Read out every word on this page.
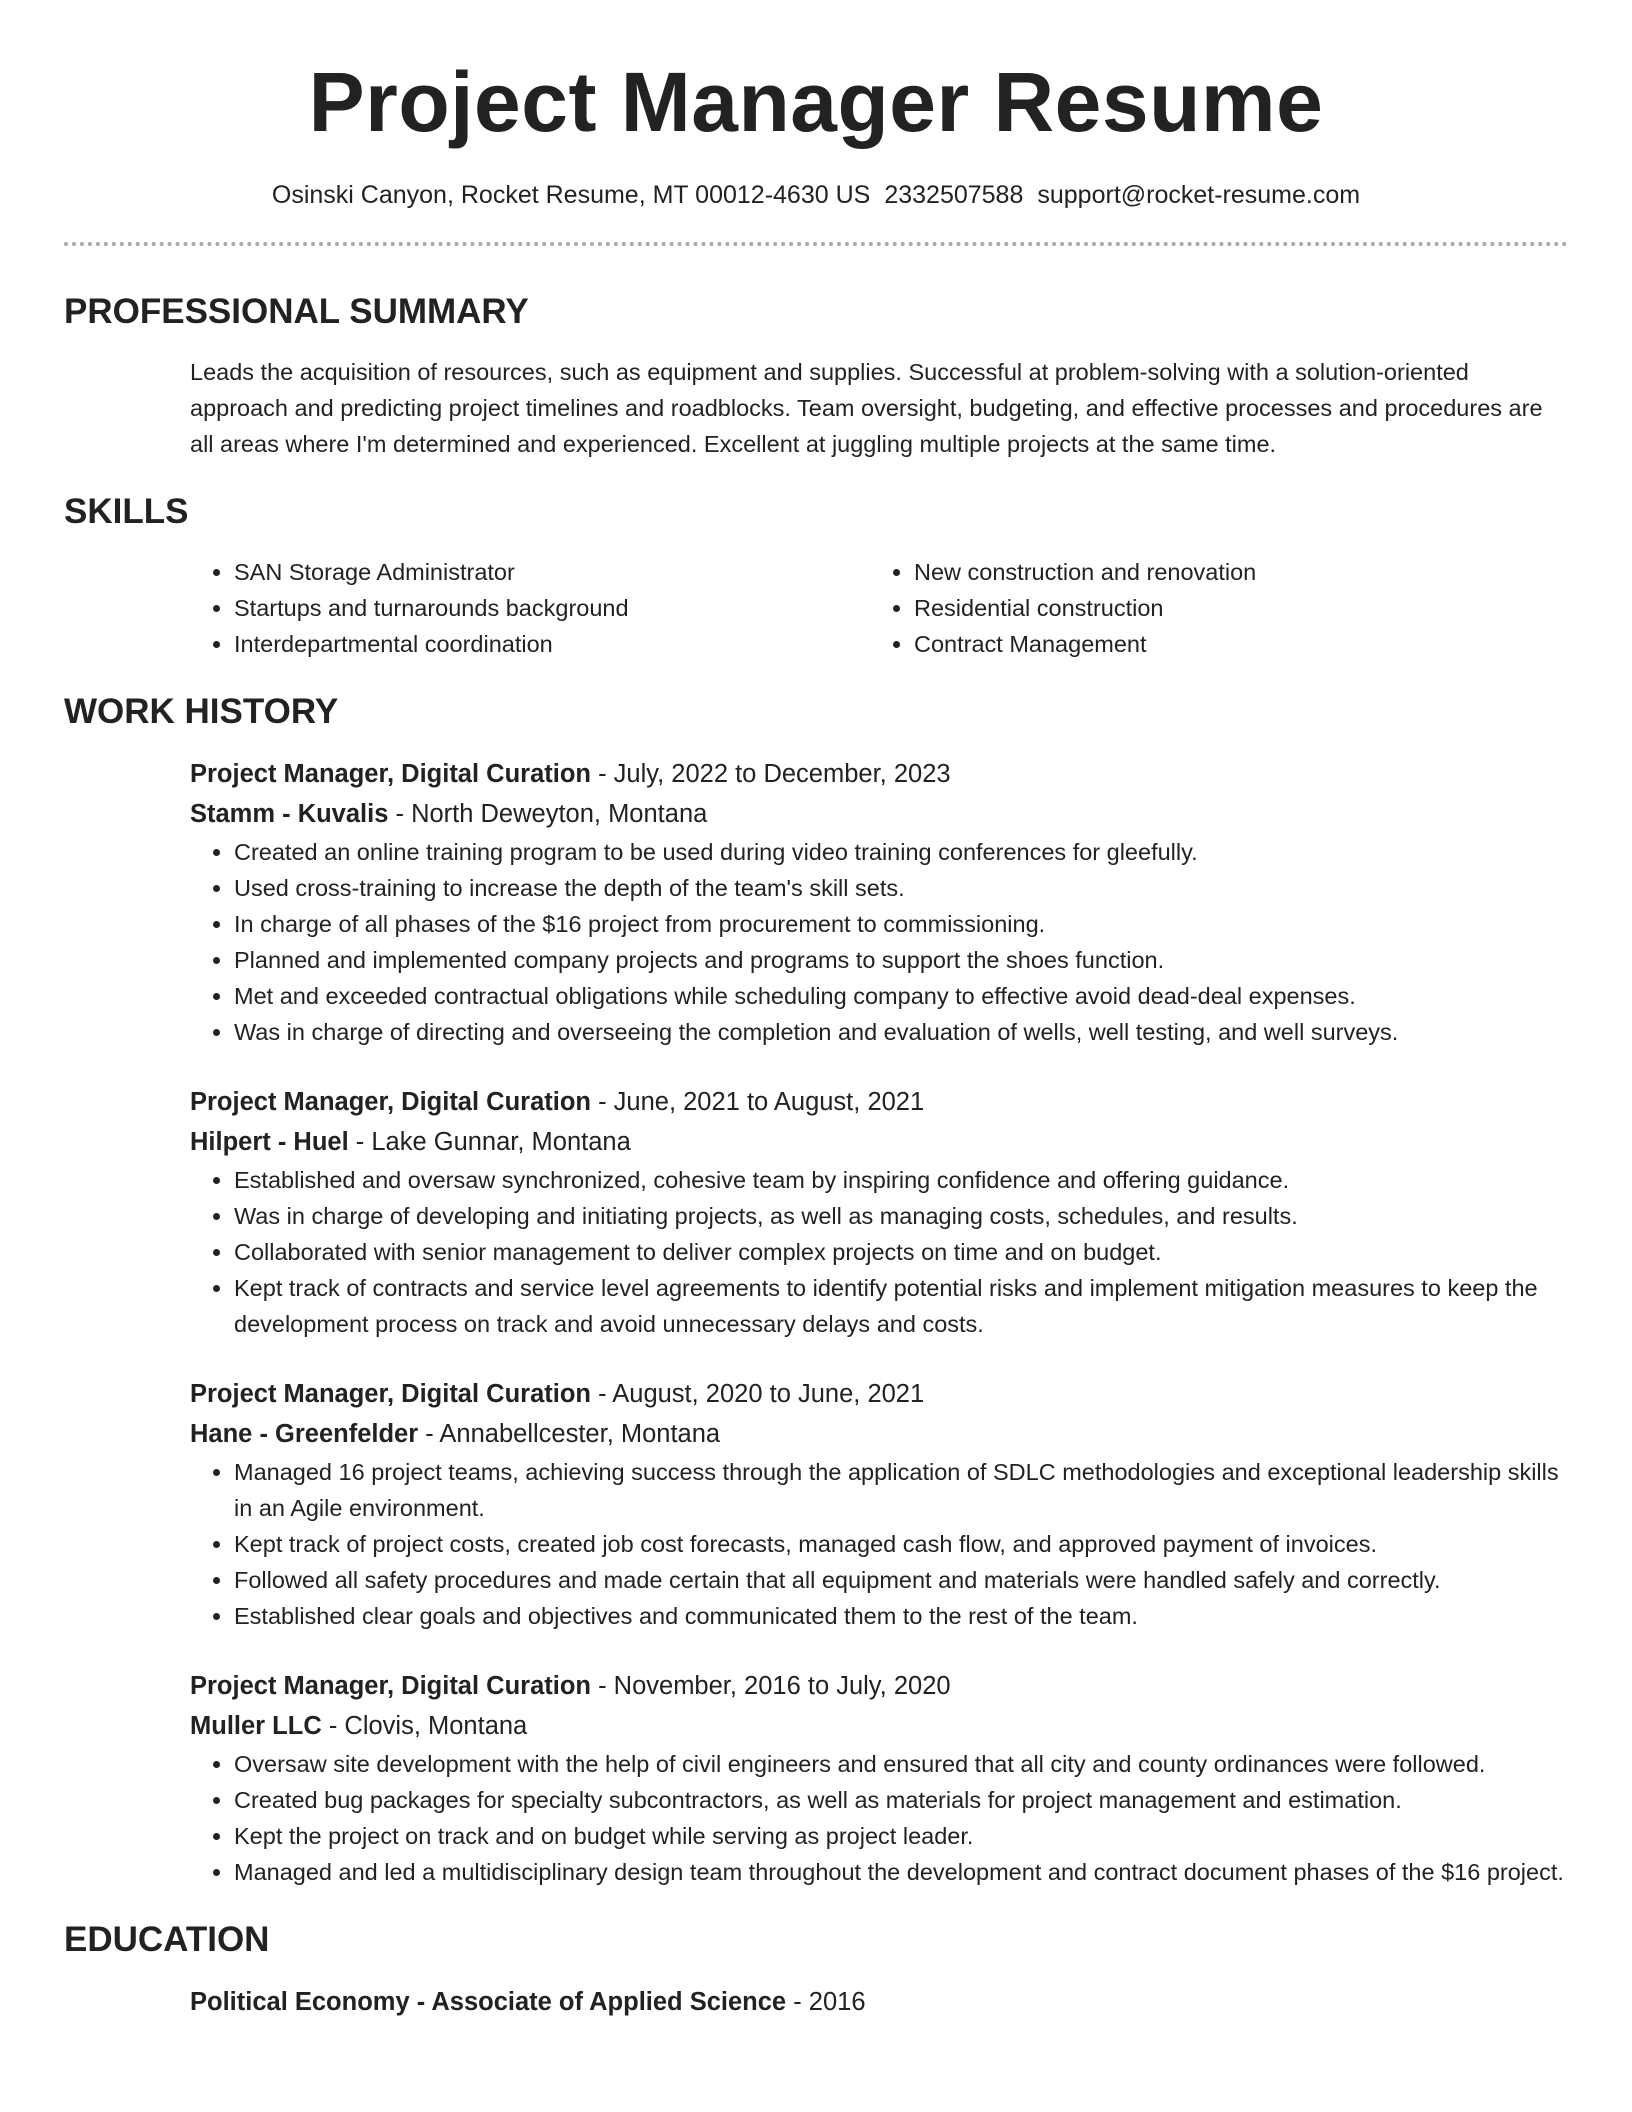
Project Manager Resume
Osinski Canyon, Rocket Resume, MT 00012-4630 US 2332507588 support@rocket-resume.com
PROFESSIONAL SUMMARY
Leads the acquisition of resources, such as equipment and supplies. Successful at problem-solving with a solution-oriented approach and predicting project timelines and roadblocks. Team oversight, budgeting, and effective processes and procedures are all areas where I'm determined and experienced. Excellent at juggling multiple projects at the same time.
SKILLS
• SAN Storage Administrator
• Startups and turnarounds background
• Interdepartmental coordination
• New construction and renovation
• Residential construction
• Contract Management
WORK HISTORY
Project Manager, Digital Curation - July, 2022 to December, 2023
Stamm - Kuvalis - North Deweyton, Montana
• Created an online training program to be used during video training conferences for gleefully.
• Used cross-training to increase the depth of the team's skill sets.
• In charge of all phases of the $16 project from procurement to commissioning.
• Planned and implemented company projects and programs to support the shoes function.
• Met and exceeded contractual obligations while scheduling company to effective avoid dead-deal expenses.
• Was in charge of directing and overseeing the completion and evaluation of wells, well testing, and well surveys.
Project Manager, Digital Curation - June, 2021 to August, 2021
Hilpert - Huel - Lake Gunnar, Montana
• Established and oversaw synchronized, cohesive team by inspiring confidence and offering guidance.
• Was in charge of developing and initiating projects, as well as managing costs, schedules, and results.
• Collaborated with senior management to deliver complex projects on time and on budget.
• Kept track of contracts and service level agreements to identify potential risks and implement mitigation measures to keep the development process on track and avoid unnecessary delays and costs.
Project Manager, Digital Curation - August, 2020 to June, 2021
Hane - Greenfelder - Annabellcester, Montana
• Managed 16 project teams, achieving success through the application of SDLC methodologies and exceptional leadership skills in an Agile environment.
• Kept track of project costs, created job cost forecasts, managed cash flow, and approved payment of invoices.
• Followed all safety procedures and made certain that all equipment and materials were handled safely and correctly.
• Established clear goals and objectives and communicated them to the rest of the team.
Project Manager, Digital Curation - November, 2016 to July, 2020
Muller LLC - Clovis, Montana
• Oversaw site development with the help of civil engineers and ensured that all city and county ordinances were followed.
• Created bug packages for specialty subcontractors, as well as materials for project management and estimation.
• Kept the project on track and on budget while serving as project leader.
• Managed and led a multidisciplinary design team throughout the development and contract document phases of the $16 project.
EDUCATION
Political Economy - Associate of Applied Science - 2016
